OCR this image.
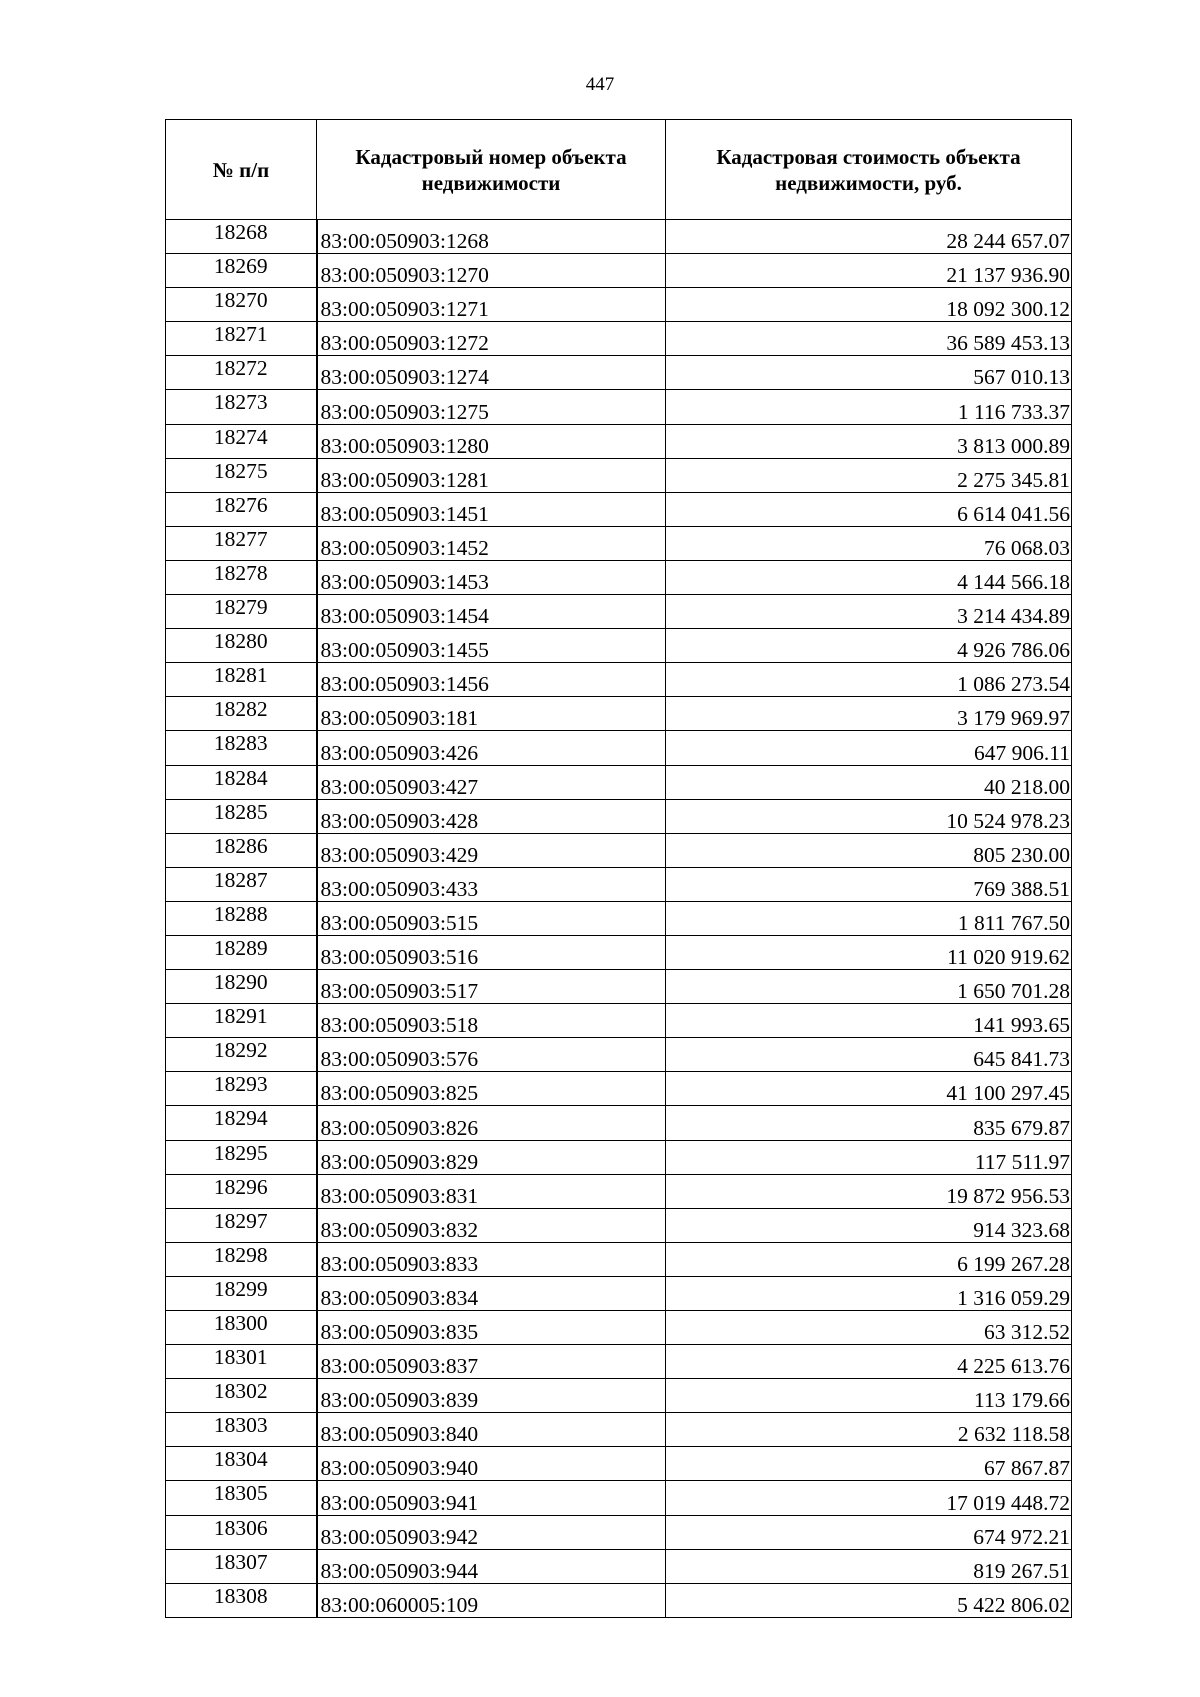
447
№ п/п	Кадастровый номер объекта недвижимости	Кадастровая стоимость объекта недвижимости, руб.
18268	83:00:050903:1268	28 244 657.07
18269	83:00:050903:1270	21 137 936.90
18270	83:00:050903:1271	18 092 300.12
18271	83:00:050903:1272	36 589 453.13
18272	83:00:050903:1274	567 010.13
18273	83:00:050903:1275	1 116 733.37
18274	83:00:050903:1280	3 813 000.89
18275	83:00:050903:1281	2 275 345.81
18276	83:00:050903:1451	6 614 041.56
18277	83:00:050903:1452	76 068.03
18278	83:00:050903:1453	4 144 566.18
18279	83:00:050903:1454	3 214 434.89
18280	83:00:050903:1455	4 926 786.06
18281	83:00:050903:1456	1 086 273.54
18282	83:00:050903:181	3 179 969.97
18283	83:00:050903:426	647 906.11
18284	83:00:050903:427	40 218.00
18285	83:00:050903:428	10 524 978.23
18286	83:00:050903:429	805 230.00
18287	83:00:050903:433	769 388.51
18288	83:00:050903:515	1 811 767.50
18289	83:00:050903:516	11 020 919.62
18290	83:00:050903:517	1 650 701.28
18291	83:00:050903:518	141 993.65
18292	83:00:050903:576	645 841.73
18293	83:00:050903:825	41 100 297.45
18294	83:00:050903:826	835 679.87
18295	83:00:050903:829	117 511.97
18296	83:00:050903:831	19 872 956.53
18297	83:00:050903:832	914 323.68
18298	83:00:050903:833	6 199 267.28
18299	83:00:050903:834	1 316 059.29
18300	83:00:050903:835	63 312.52
18301	83:00:050903:837	4 225 613.76
18302	83:00:050903:839	113 179.66
18303	83:00:050903:840	2 632 118.58
18304	83:00:050903:940	67 867.87
18305	83:00:050903:941	17 019 448.72
18306	83:00:050903:942	674 972.21
18307	83:00:050903:944	819 267.51
18308	83:00:060005:109	5 422 806.02
